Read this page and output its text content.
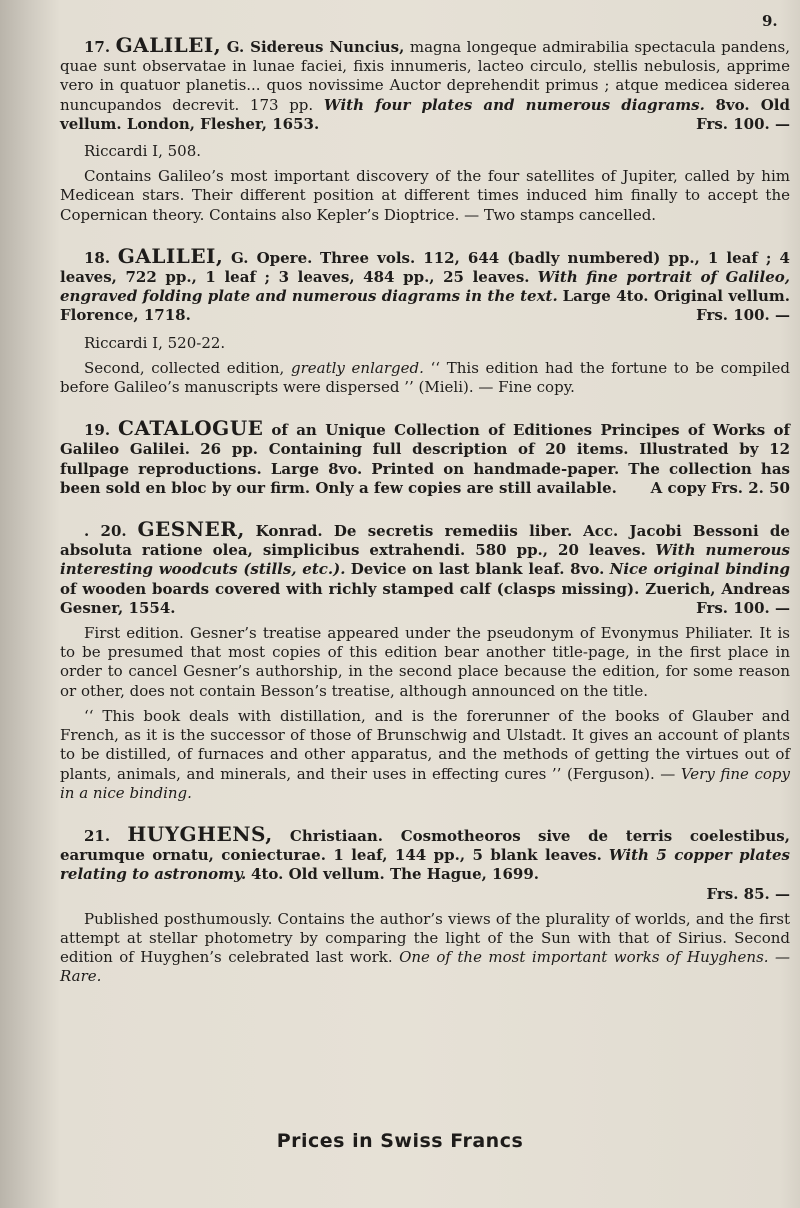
9.

17. GALILEI, G. Sidereus Nuncius, magna longeque admirabilia spectacula pandens, quae sunt observatae in lunae faciei, fixis innumeris, lacteo circulo, stellis nebulosis, apprime vero in quatuor planetis... quos novissime Auctor deprehendit primus ; atque medicea siderea nuncupandos decrevit. 173 pp. With four plates and numerous diagrams. 8vo. Old vellum. London, Flesher, 1653.	Frs. 100. —

Riccardi I, 508.

Contains Galileo’s most important discovery of the four satellites of Jupiter, called by him Medicean stars. Their different position at different times induced him finally to accept the Copernican theory. Contains also Kepler’s Dioptrice. — Two stamps cancelled.

18. GALILEI, G. Opere. Three vols. 112, 644 (badly numbered) pp., 1 leaf ; 4 leaves, 722 pp., 1 leaf ; 3 leaves, 484 pp., 25 leaves. With fine portrait of Galileo, engraved folding plate and numerous diagrams in the text. Large 4to. Original vellum. Florence, 1718.	Frs. 100. —

Riccardi I, 520-22.

Second, collected edition, greatly enlarged. ‘‘ This edition had the fortune to be compiled before Galileo’s manuscripts were dispersed ’’ (Mieli). — Fine copy.

19. CATALOGUE of an Unique Collection of Editiones Principes of Works of Galileo Galilei. 26 pp. Containing full description of 20 items. Illustrated by 12 fullpage reproductions. Large 8vo. Printed on handmade-paper. The collection has been sold en bloc by our firm. Only a few copies are still available.	A copy Frs. 2. 50

. 20. GESNER, Konrad. De secretis remediis liber. Acc. Jacobi Bessoni de absoluta ratione olea, simplicibus extrahendi. 580 pp., 20 leaves. With numerous interesting woodcuts (stills, etc.). Device on last blank leaf. 8vo. Nice original binding of wooden boards covered with richly stamped calf (clasps missing). Zuerich, Andreas Gesner, 1554.	Frs. 100. —

First edition. Gesner’s treatise appeared under the pseudonym of Evonymus Philiater. It is to be presumed that most copies of this edition bear another title-page, in the first place in order to cancel Gesner’s authorship, in the second place because the edition, for some reason or other, does not contain Besson’s treatise, although announced on the title.

‘‘ This book deals with distillation, and is the forerunner of the books of Glauber and French, as it is the successor of those of Brunschwig and Ulstadt. It gives an account of plants to be distilled, of furnaces and other apparatus, and the methods of getting the virtues out of plants, animals, and minerals, and their uses in effecting cures ’’ (Ferguson). — Very fine copy in a nice binding.

21. HUYGHENS, Christiaan. Cosmotheoros sive de terris coelestibus, earumque ornatu, coniecturae. 1 leaf, 144 pp., 5 blank leaves. With 5 copper plates relating to astronomy. 4to. Old vellum. The Hague, 1699.

Frs. 85. —

Published posthumously. Contains the author’s views of the plurality of worlds, and the first attempt at stellar photometry by comparing the light of the Sun with that of Sirius. Second edition of Huyghen’s celebrated last work. One of the most important works of Huyghens. — Rare.

Prices in Swiss Francs
